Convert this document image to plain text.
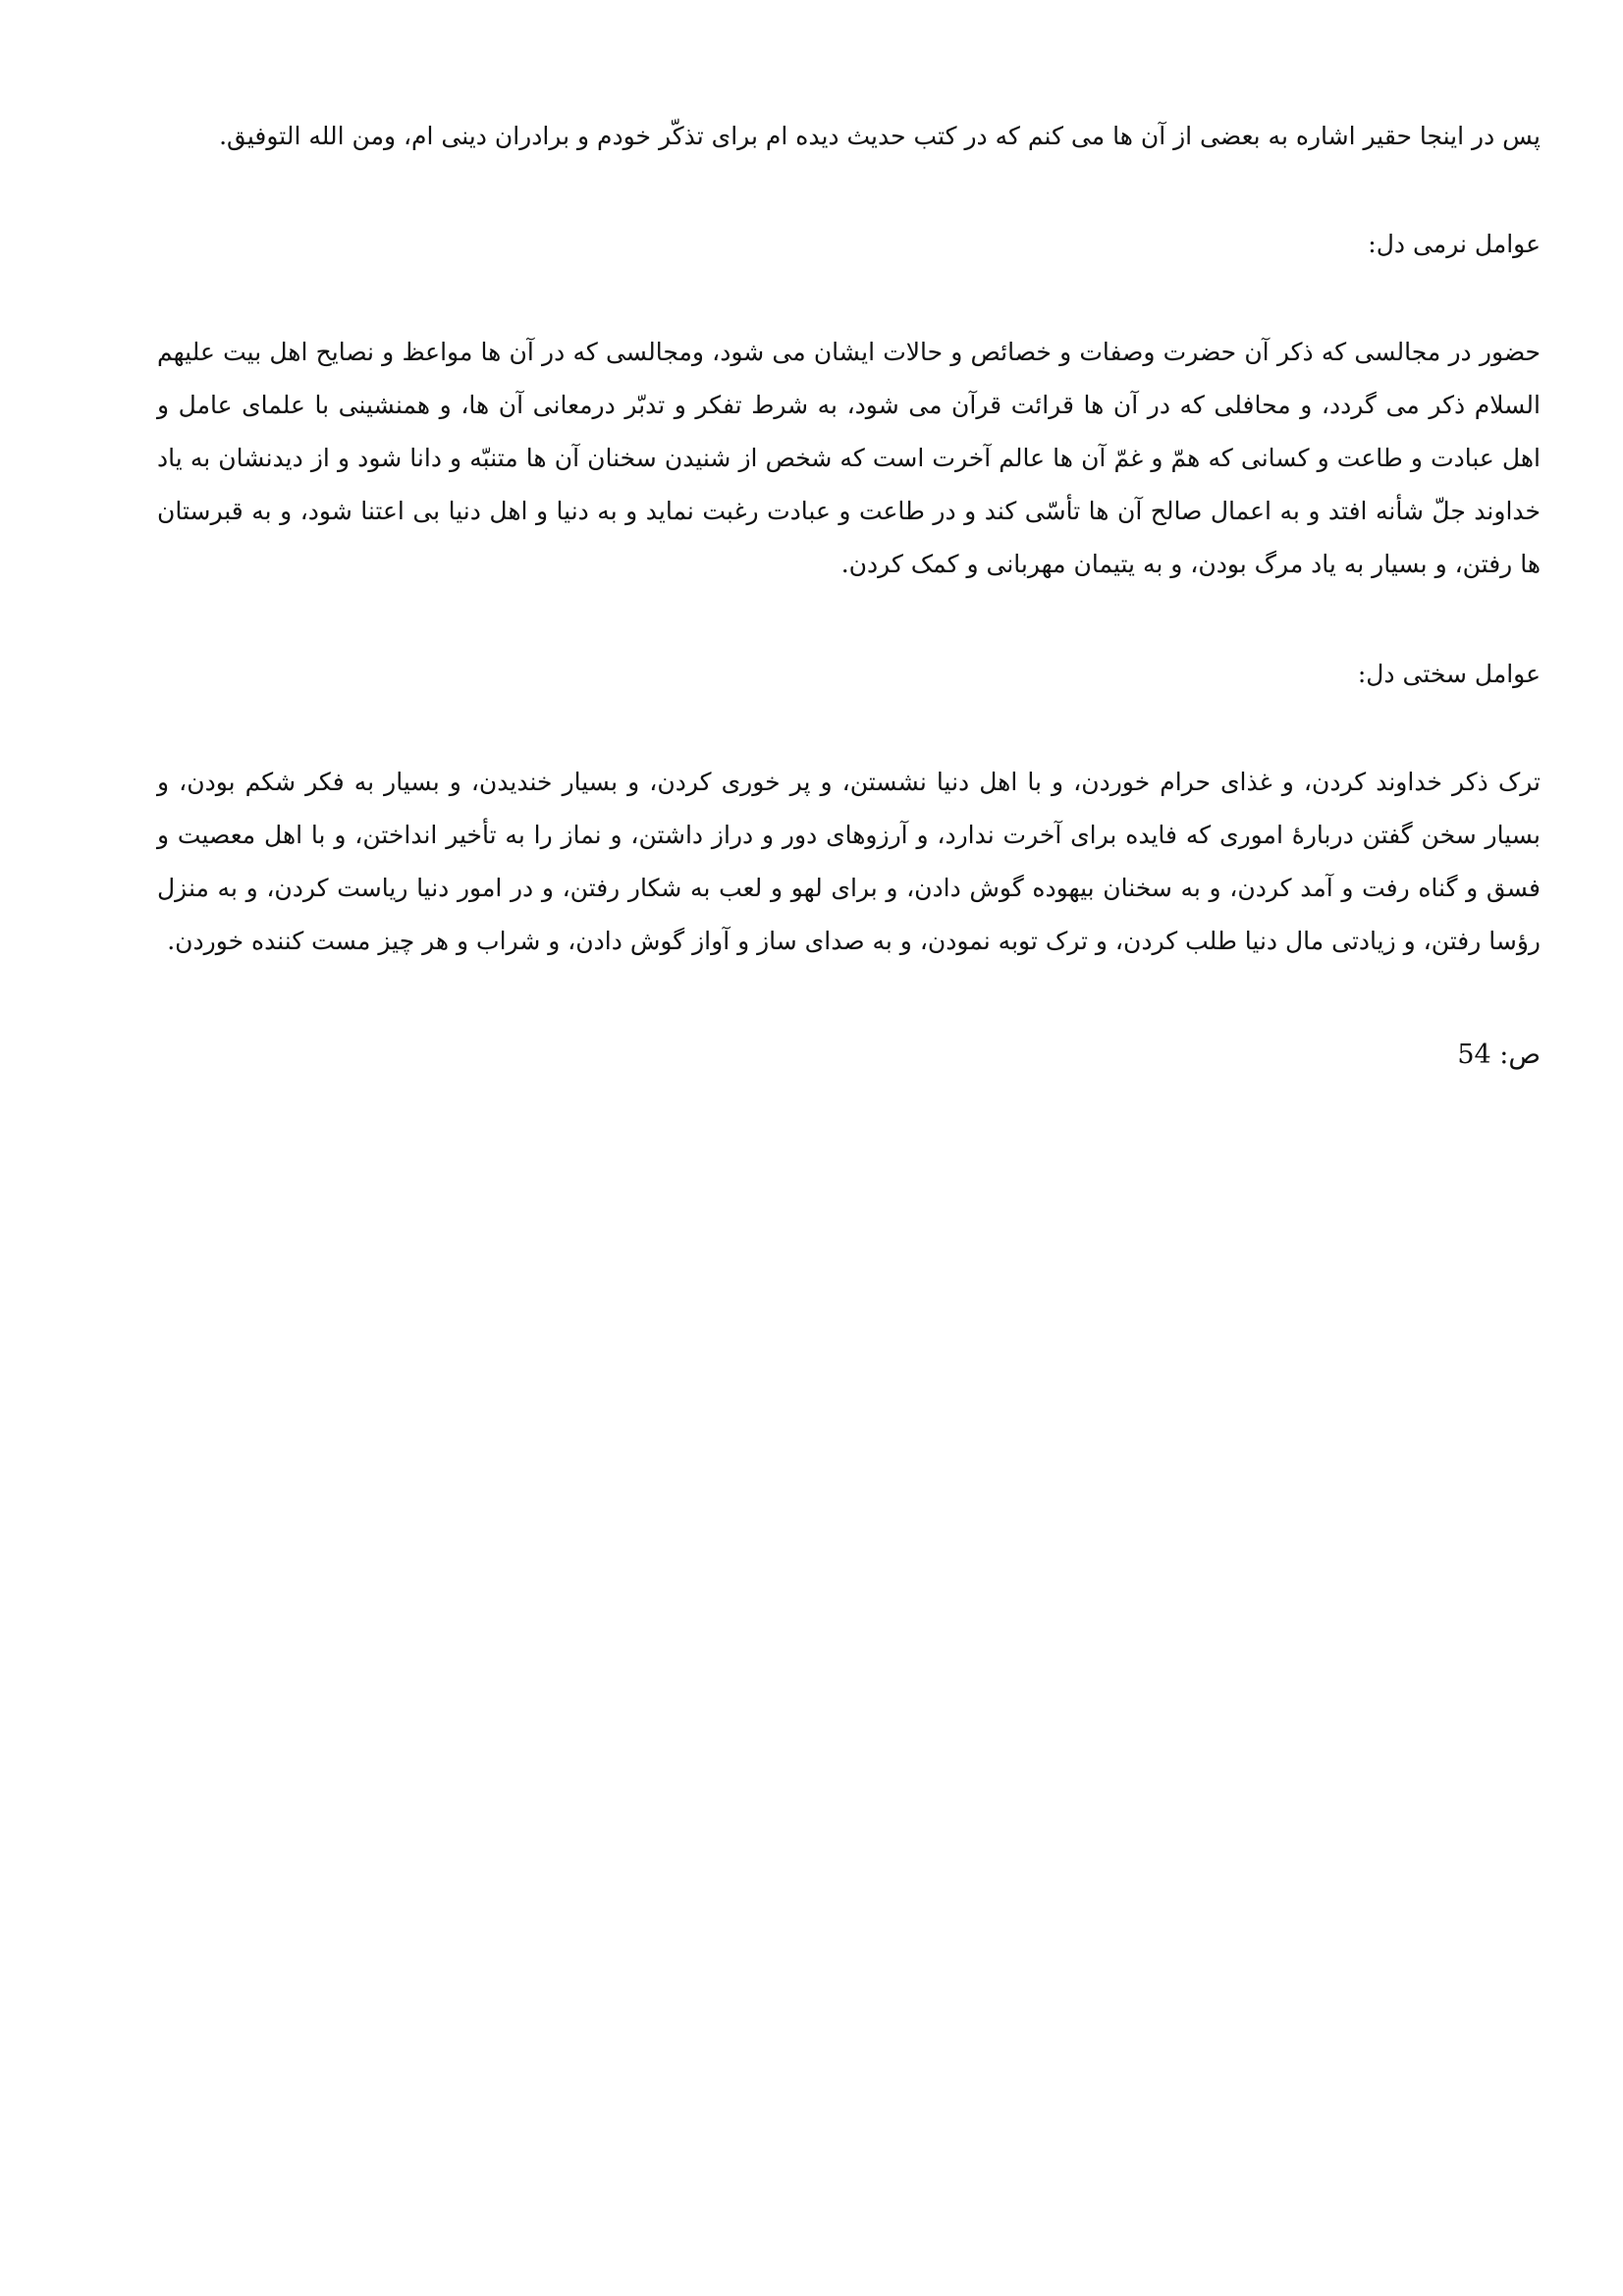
پس در اینجا حقیر اشاره به بعضی از آن ها می کنم که در کتب حدیث دیده ام برای تذکّر خودم و برادران دینی ام، ومن الله التوفیق.

عوامل نرمی دل:

حضور در مجالسی که ذکر آن حضرت وصفات و خصائص و حالات ایشان می شود، ومجالسی که در آن ها مواعظ و نصایح اهل بیت علیهم السلام ذکر می گردد، و محافلی که در آن ها قرائت قرآن می شود، به شرط تفکر و تدبّر درمعانی آن ها، و همنشینی با علمای عامل و اهل عبادت و طاعت و کسانی که همّ و غمّ آن ها عالم آخرت است که شخص از شنیدن سخنان آن ها متنبّه و دانا شود و از دیدنشان به یاد خداوند جلّ شأنه افتد و به اعمال صالح آن ها تأسّی کند و در طاعت و عبادت رغبت نماید و به دنیا و اهل دنیا بی اعتنا شود، و به قبرستان ها رفتن، و بسیار به یاد مرگ بودن، و به یتیمان مهربانی و کمک کردن.

عوامل سختی دل:

ترک ذکر خداوند کردن، و غذای حرام خوردن، و با اهل دنیا نشستن، و پر خوری کردن، و بسیار خندیدن، و بسیار به فکر شکم بودن، و بسیار سخن گفتن دربارۀ اموری که فایده برای آخرت ندارد، و آرزوهای دور و دراز داشتن، و نماز را به تأخیر انداختن، و با اهل معصیت و فسق و گناه رفت و آمد کردن، و به سخنان بیهوده گوش دادن، و برای لهو و لعب به شکار رفتن، و در امور دنیا ریاست کردن، و به منزل رؤسا رفتن، و زیادتی مال دنیا طلب کردن، و ترک توبه نمودن، و به صدای ساز و آواز گوش دادن، و شراب و هر چیز مست کننده خوردن.

ص: 54
